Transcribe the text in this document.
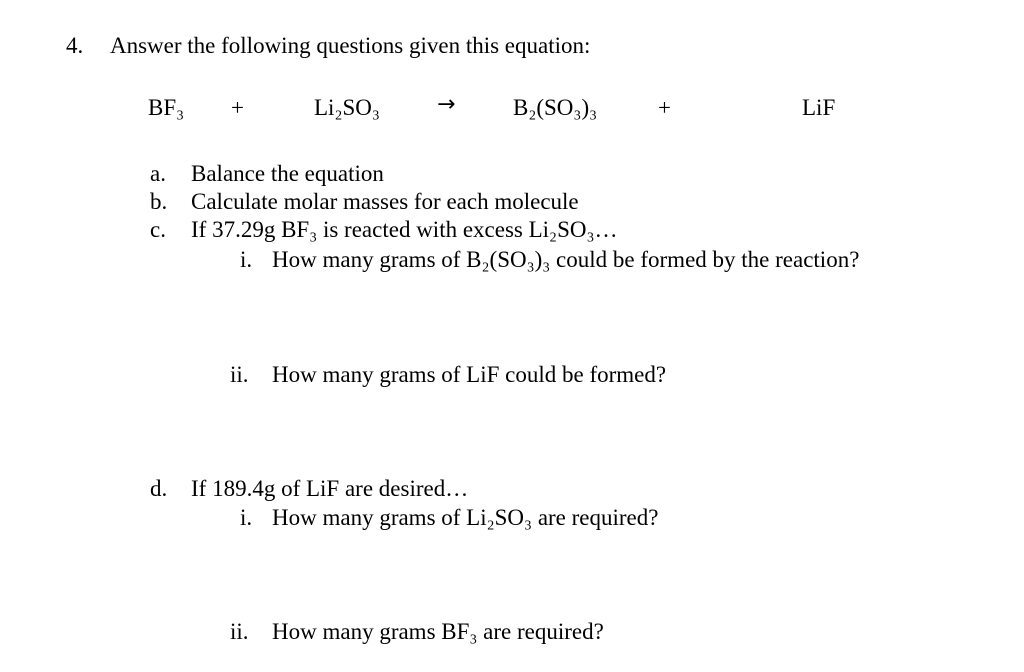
4. Answer the following questions given this equation:
BF₃ +	Li₂SO₃	→	B₂(SO₃)₃	+	LiF
a. Balance the equation
b. Calculate molar masses for each molecule
c. If 37.29g BF₃ is reacted with excess Li₂SO₃…
i. How many grams of B₂(SO₃)₃ could be formed by the reaction?
ii. How many grams of LiF could be formed?
d. If 189.4g of LiF are desired…
i. How many grams of Li₂SO₃ are required?
ii. How many grams BF₃ are required?
